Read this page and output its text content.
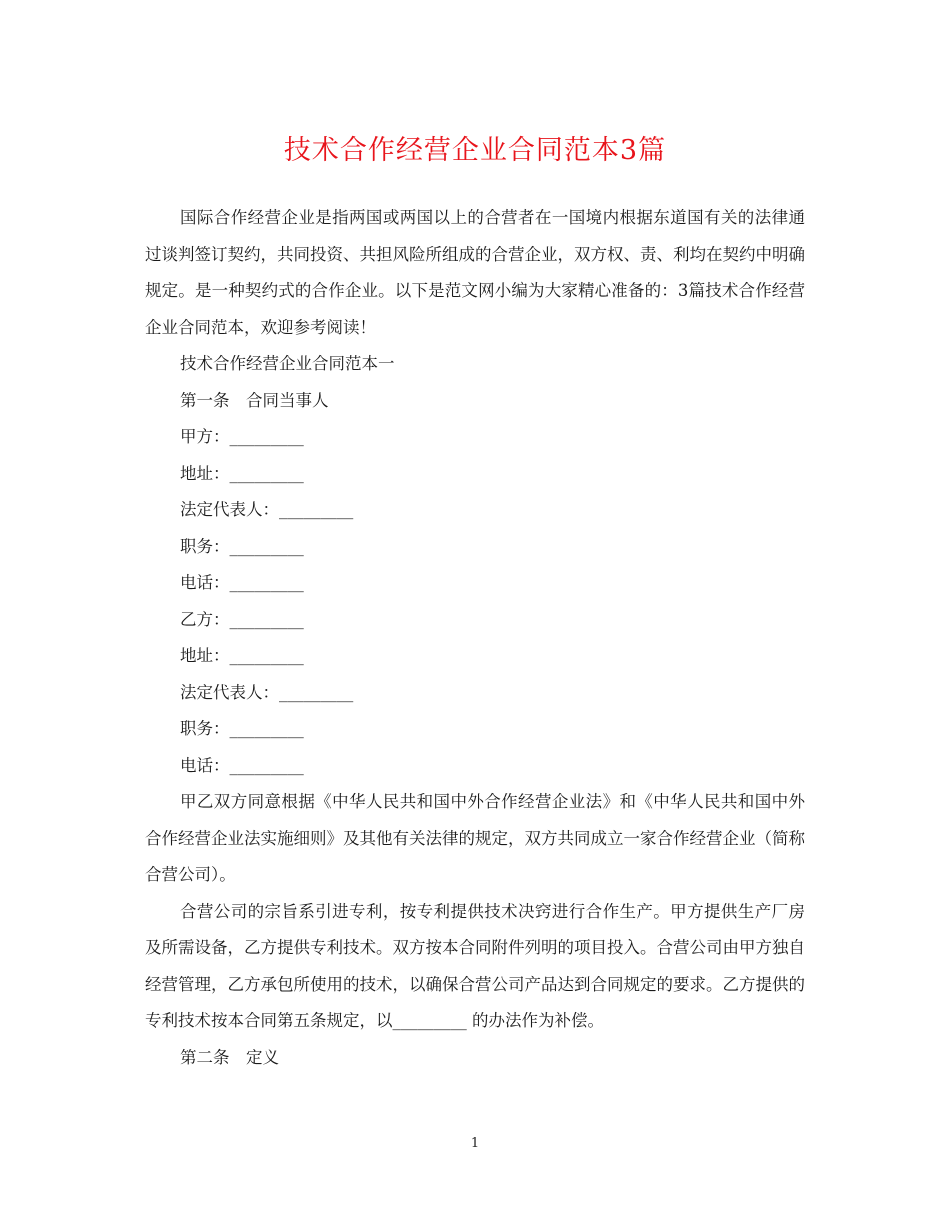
技术合作经营企业合同范本3篇

国际合作经营企业是指两国或两国以上的合营者在一国境内根据东道国有关的法律通过谈判签订契约，共同投资、共担风险所组成的合营企业，双方权、责、利均在契约中明确规定。是一种契约式的合作企业。以下是范文网小编为大家精心准备的：3篇技术合作经营企业合同范本，欢迎参考阅读！

技术合作经营企业合同范本一

第一条　合同当事人

甲方：_________

地址：_________

法定代表人：_________

职务：_________

电话：_________

乙方：_________

地址：_________

法定代表人：_________

职务：_________

电话：_________

甲乙双方同意根据《中华人民共和国中外合作经营企业法》和《中华人民共和国中外合作经营企业法实施细则》及其他有关法律的规定，双方共同成立一家合作经营企业（简称合营公司）。

合营公司的宗旨系引进专利，按专利提供技术决窍进行合作生产。甲方提供生产厂房及所需设备，乙方提供专利技术。双方按本合同附件列明的项目投入。合营公司由甲方独自经营管理，乙方承包所使用的技术，以确保合营公司产品达到合同规定的要求。乙方提供的专利技术按本合同第五条规定，以_________ 的办法作为补偿。

第二条　定义

1
